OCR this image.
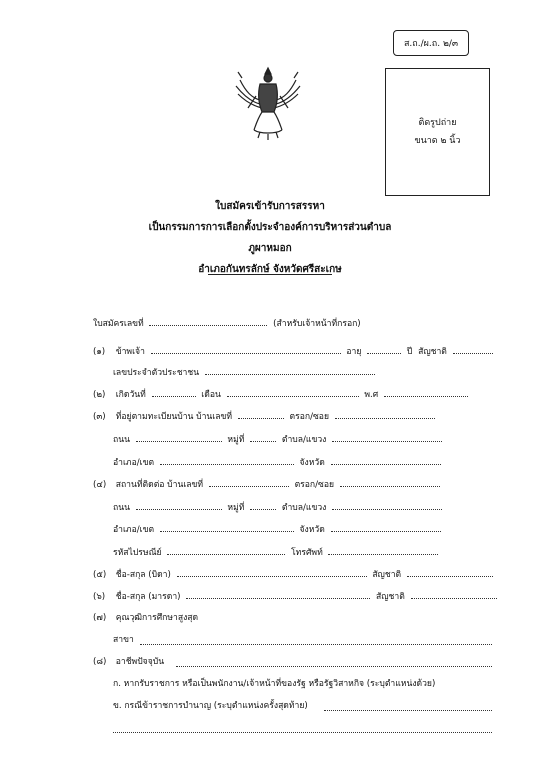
ส.ถ./ผ.ถ. ๒/๓
ติดรูปถ่าย
ขนาด ๒ นิ้ว
ใบสมัครเข้ารับการสรรหา
เป็นกรรมการการเลือกตั้งประจำองค์การบริหารส่วนตำบลภูผาหมอก
อำเภอกันทรลักษ์ จังหวัดศรีสะเกษ
ใบสมัครเลขที่	(สำหรับเจ้าหน้าที่กรอก)
(๑) ข้าพเจ้า	อายุ	ปี สัญชาติ
เลขประจำตัวประชาชน
(๒) เกิดวันที่	เดือน	พ.ศ
(๓) ที่อยู่ตามทะเบียนบ้าน บ้านเลขที่	ตรอก/ซอย
ถนน	หมู่ที่	ตำบล/แขวง
อำเภอ/เขต	จังหวัด
(๔) สถานที่ติดต่อ บ้านเลขที่	ตรอก/ซอย
ถนน	หมู่ที่	ตำบล/แขวง
อำเภอ/เขต	จังหวัด
รหัสไปรษณีย์	โทรศัพท์
(๕) ชื่อ-สกุล (บิดา)	สัญชาติ
(๖) ชื่อ-สกุล (มารดา)	สัญชาติ
(๗) คุณวุฒิการศึกษาสูงสุด
สาขา
(๘) อาชีพปัจจุบัน
ก. หากรับราชการ หรือเป็นพนักงาน/เจ้าหน้าที่ของรัฐ หรือรัฐวิสาหกิจ (ระบุตำแหน่งด้วย)
ข. กรณีข้าราชการบำนาญ (ระบุตำแหน่งครั้งสุดท้าย)
